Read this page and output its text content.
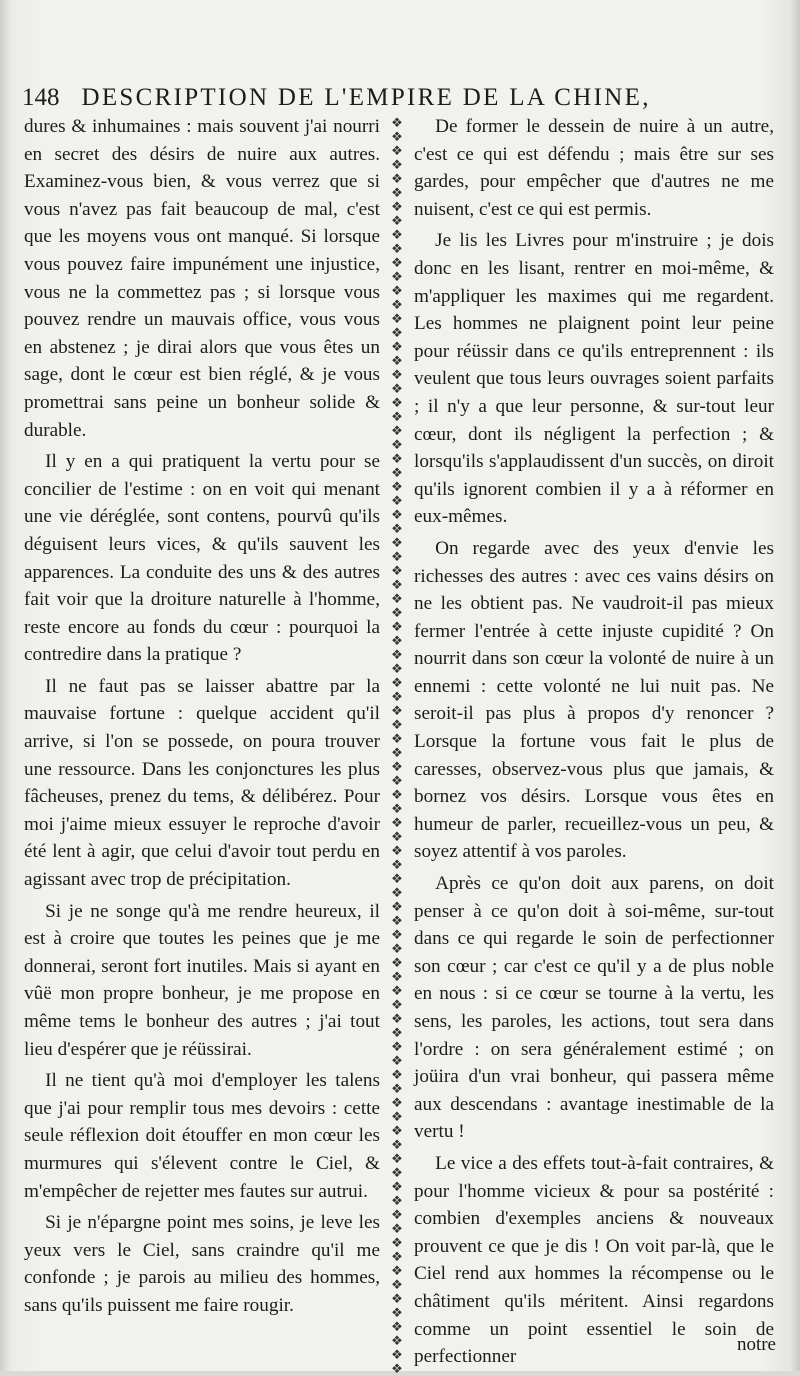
148 DESCRIPTION DE L'EMPIRE DE LA CHINE,

dures & inhumaines : mais souvent j'ai nourri en secret des désirs de nuire aux autres. Examinez-vous bien, & vous verrez que si vous n'avez pas fait beaucoup de mal, c'est que les moyens vous ont manqué. Si lorsque vous pouvez faire impunément une injustice, vous ne la commettez pas ; si lorsque vous pouvez rendre un mauvais office, vous vous en abstenez ; je dirai alors que vous êtes un sage, dont le cœur est bien réglé, & je vous promettrai sans peine un bonheur solide & durable.

Il y en a qui pratiquent la vertu pour se concilier de l'estime : on en voit qui menant une vie déréglée, sont contens, pourvû qu'ils déguisent leurs vices, & qu'ils sauvent les apparences. La conduite des uns & des autres fait voir que la droiture naturelle à l'homme, reste encore au fonds du cœur : pourquoi la contredire dans la pratique ?

Il ne faut pas se laisser abattre par la mauvaise fortune : quelque accident qu'il arrive, si l'on se possede, on poura trouver une ressource. Dans les conjonctures les plus fâcheuses, prenez du tems, & délibérez. Pour moi j'aime mieux essuyer le reproche d'avoir été lent à agir, que celui d'avoir tout perdu en agissant avec trop de précipitation.

Si je ne songe qu'à me rendre heureux, il est à croire que toutes les peines que je me donnerai, seront fort inutiles. Mais si ayant en vûë mon propre bonheur, je me propose en même tems le bonheur des autres ; j'ai tout lieu d'espérer que je réüssirai.

Il ne tient qu'à moi d'employer les talens que j'ai pour remplir tous mes devoirs : cette seule réflexion doit étouffer en mon cœur les murmures qui s'élevent contre le Ciel, & m'empêcher de rejetter mes fautes sur autrui.

Si je n'épargne point mes soins, je leve les yeux vers le Ciel, sans craindre qu'il me confonde ; je parois au milieu des hommes, sans qu'ils puissent me faire rougir.

❖
❖
❖
❖
❖
❖
❖
❖
❖
❖
❖
❖
❖
❖
❖
❖
❖
❖
❖
❖
❖
❖
❖
❖
❖
❖
❖
❖
❖
❖
❖
❖
❖
❖
❖
❖
❖
❖
❖
❖
❖
❖
❖
❖
❖
❖
❖
❖
❖
❖
❖
❖
❖
❖
❖
❖
❖
❖
❖
❖
❖
❖
❖
❖
❖
❖
❖
❖
❖
❖
❖
❖
❖
❖
❖
❖
❖
❖
❖
❖
❖
❖
❖
❖
❖
❖
❖
❖
❖
❖

De former le dessein de nuire à un autre, c'est ce qui est défendu ; mais être sur ses gardes, pour empêcher que d'autres ne me nuisent, c'est ce qui est permis.

Je lis les Livres pour m'instruire ; je dois donc en les lisant, rentrer en moi-même, & m'appliquer les maximes qui me regardent. Les hommes ne plaignent point leur peine pour réüssir dans ce qu'ils entreprennent : ils veulent que tous leurs ouvrages soient parfaits ; il n'y a que leur personne, & sur-tout leur cœur, dont ils négligent la perfection ; & lorsqu'ils s'applaudissent d'un succès, on diroit qu'ils ignorent combien il y a à réformer en eux-mêmes.

On regarde avec des yeux d'envie les richesses des autres : avec ces vains désirs on ne les obtient pas. Ne vaudroit-il pas mieux fermer l'entrée à cette injuste cupidité ? On nourrit dans son cœur la volonté de nuire à un ennemi : cette volonté ne lui nuit pas. Ne seroit-il pas plus à propos d'y renoncer ? Lorsque la fortune vous fait le plus de caresses, observez-vous plus que jamais, & bornez vos désirs. Lorsque vous êtes en humeur de parler, recueillez-vous un peu, & soyez attentif à vos paroles.

Après ce qu'on doit aux parens, on doit penser à ce qu'on doit à soi-même, sur-tout dans ce qui regarde le soin de perfectionner son cœur ; car c'est ce qu'il y a de plus noble en nous : si ce cœur se tourne à la vertu, les sens, les paroles, les actions, tout sera dans l'ordre : on sera généralement estimé ; on joüira d'un vrai bonheur, qui passera même aux descendans : avantage inestimable de la vertu !

Le vice a des effets tout-à-fait contraires, & pour l'homme vicieux & pour sa postérité : combien d'exemples anciens & nouveaux prouvent ce que je dis ! On voit par-là, que le Ciel rend aux hommes la récompense ou le châtiment qu'ils méritent. Ainsi regardons comme un point essentiel le soin de perfectionner

notre
